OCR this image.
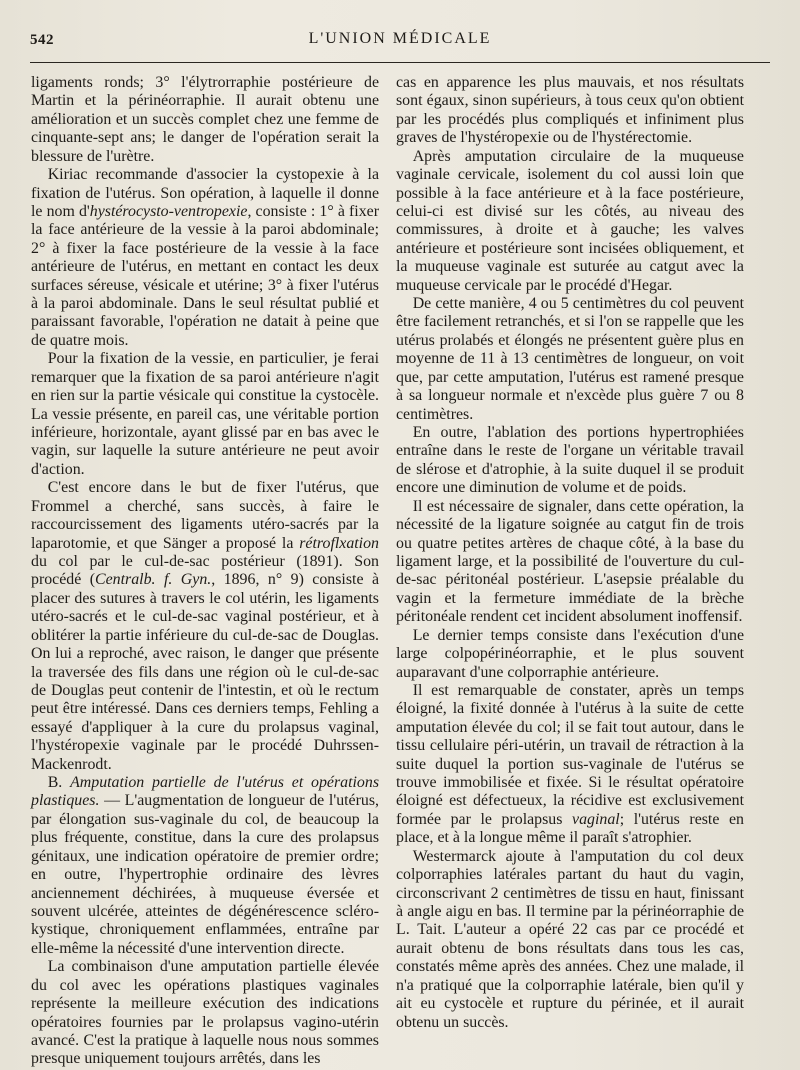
542	L'UNION MÉDICALE

ligaments ronds; 3° l'élytrorraphie postérieure de Martin et la périnéorraphie. Il aurait obtenu une amélioration et un succès complet chez une femme de cinquante-sept ans; le danger de l'opération serait la blessure de l'urètre.

Kiriac recommande d'associer la cystopexie à la fixation de l'utérus. Son opération, à laquelle il donne le nom d'hystérocysto-ventropexie, consiste : 1° à fixer la face antérieure de la vessie à la paroi abdominale; 2° à fixer la face postérieure de la vessie à la face antérieure de l'utérus, en mettant en contact les deux surfaces séreuse, vésicale et utérine; 3° à fixer l'utérus à la paroi abdominale. Dans le seul résultat publié et paraissant favorable, l'opération ne datait à peine que de quatre mois.

Pour la fixation de la vessie, en particulier, je ferai remarquer que la fixation de sa paroi antérieure n'agit en rien sur la partie vésicale qui constitue la cystocèle. La vessie présente, en pareil cas, une véritable portion inférieure, horizontale, ayant glissé par en bas avec le vagin, sur laquelle la suture antérieure ne peut avoir d'action.

C'est encore dans le but de fixer l'utérus, que Frommel a cherché, sans succès, à faire le raccourcissement des ligaments utéro-sacrés par la laparotomie, et que Sänger a proposé la rétroflxation du col par le cul-de-sac postérieur (1891). Son procédé (Centralb. f. Gyn., 1896, n° 9) consiste à placer des sutures à travers le col utérin, les ligaments utéro-sacrés et le cul-de-sac vaginal postérieur, et à oblitérer la partie inférieure du cul-de-sac de Douglas. On lui a reproché, avec raison, le danger que présente la traversée des fils dans une région où le cul-de-sac de Douglas peut contenir de l'intestin, et où le rectum peut être intéressé. Dans ces derniers temps, Fehling a essayé d'appliquer à la cure du prolapsus vaginal, l'hystéropexie vaginale par le procédé Duhrssen-Mackenrodt.

B. Amputation partielle de l'utérus et opérations plastiques. — L'augmentation de longueur de l'utérus, par élongation sus-vaginale du col, de beaucoup la plus fréquente, constitue, dans la cure des prolapsus génitaux, une indication opératoire de premier ordre; en outre, l'hypertrophie ordinaire des lèvres anciennement déchirées, à muqueuse éversée et souvent ulcérée, atteintes de dégénérescence scléro-kystique, chroniquement enflammées, entraîne par elle-même la nécessité d'une intervention directe.

La combinaison d'une amputation partielle élevée du col avec les opérations plastiques vaginales représente la meilleure exécution des indications opératoires fournies par le prolapsus vagino-utérin avancé. C'est la pratique à laquelle nous nous sommes presque uniquement toujours arrêtés, dans les

cas en apparence les plus mauvais, et nos résultats sont égaux, sinon supérieurs, à tous ceux qu'on obtient par les procédés plus compliqués et infiniment plus graves de l'hystéropexie ou de l'hystérectomie.

Après amputation circulaire de la muqueuse vaginale cervicale, isolement du col aussi loin que possible à la face antérieure et à la face postérieure, celui-ci est divisé sur les côtés, au niveau des commissures, à droite et à gauche; les valves antérieure et postérieure sont incisées obliquement, et la muqueuse vaginale est suturée au catgut avec la muqueuse cervicale par le procédé d'Hegar.

De cette manière, 4 ou 5 centimètres du col peuvent être facilement retranchés, et si l'on se rappelle que les utérus prolabés et élongés ne présentent guère plus en moyenne de 11 à 13 centimètres de longueur, on voit que, par cette amputation, l'utérus est ramené presque à sa longueur normale et n'excède plus guère 7 ou 8 centimètres.

En outre, l'ablation des portions hypertrophiées entraîne dans le reste de l'organe un véritable travail de slérose et d'atrophie, à la suite duquel il se produit encore une diminution de volume et de poids.

Il est nécessaire de signaler, dans cette opération, la nécessité de la ligature soignée au catgut fin de trois ou quatre petites artères de chaque côté, à la base du ligament large, et la possibilité de l'ouverture du cul-de-sac péritonéal postérieur. L'asepsie préalable du vagin et la fermeture immédiate de la brèche péritonéale rendent cet incident absolument inoffensif.

Le dernier temps consiste dans l'exécution d'une large colpopérinéorraphie, et le plus souvent auparavant d'une colporraphie antérieure.

Il est remarquable de constater, après un temps éloigné, la fixité donnée à l'utérus à la suite de cette amputation élevée du col; il se fait tout autour, dans le tissu cellulaire péri-utérin, un travail de rétraction à la suite duquel la portion sus-vaginale de l'utérus se trouve immobilisée et fixée. Si le résultat opératoire éloigné est défectueux, la récidive est exclusivement formée par le prolapsus vaginal; l'utérus reste en place, et à la longue même il paraît s'atrophier.

Westermarck ajoute à l'amputation du col deux colporraphies latérales partant du haut du vagin, circonscrivant 2 centimètres de tissu en haut, finissant à angle aigu en bas. Il termine par la périnéorraphie de L. Tait. L'auteur a opéré 22 cas par ce procédé et aurait obtenu de bons résultats dans tous les cas, constatés même après des années. Chez une malade, il n'a pratiqué que la colporraphie latérale, bien qu'il y ait eu cystocèle et rupture du périnée, et il aurait obtenu un succès.
